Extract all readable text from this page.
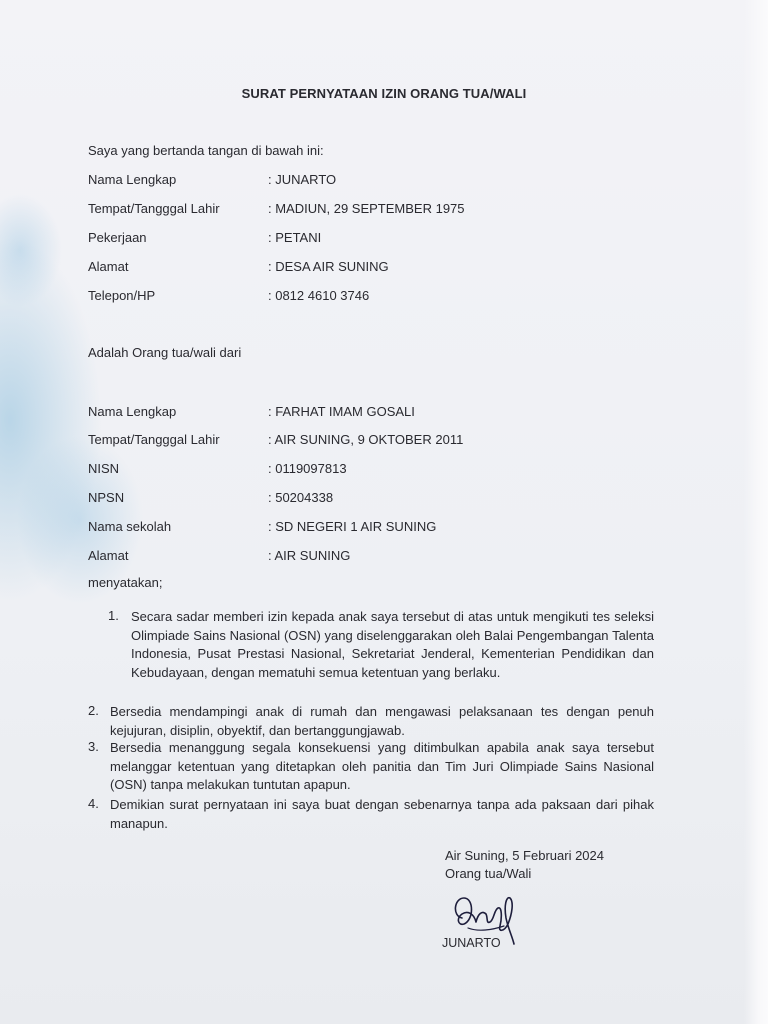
SURAT PERNYATAAN IZIN ORANG TUA/WALI
Saya yang bertanda tangan di bawah ini:
Nama Lengkap	: JUNARTO
Tempat/Tangggal Lahir	: MADIUN, 29 SEPTEMBER 1975
Pekerjaan	: PETANI
Alamat	: DESA AIR SUNING
Telepon/HP	: 0812 4610 3746
Adalah Orang tua/wali dari
Nama Lengkap	: FARHAT IMAM GOSALI
Tempat/Tangggal Lahir	: AIR SUNING, 9 OKTOBER 2011
NISN	: 0119097813
NPSN	: 50204338
Nama sekolah	: SD NEGERI 1 AIR SUNING
Alamat	: AIR SUNING
menyatakan;
1. Secara sadar memberi izin kepada anak saya tersebut di atas untuk mengikuti tes seleksi Olimpiade Sains Nasional (OSN) yang diselenggarakan oleh Balai Pengembangan Talenta Indonesia, Pusat Prestasi Nasional, Sekretariat Jenderal, Kementerian Pendidikan dan Kebudayaan, dengan mematuhi semua ketentuan yang berlaku.
2. Bersedia mendampingi anak di rumah dan mengawasi pelaksanaan tes dengan penuh kejujuran, disiplin, obyektif, dan bertanggungjawab.
3. Bersedia menanggung segala konsekuensi yang ditimbulkan apabila anak saya tersebut melanggar ketentuan yang ditetapkan oleh panitia dan Tim Juri Olimpiade Sains Nasional (OSN) tanpa melakukan tuntutan apapun.
4. Demikian surat pernyataan ini saya buat dengan sebenarnya tanpa ada paksaan dari pihak manapun.
Air Suning, 5 Februari 2024
Orang tua/Wali
JUNARTO
